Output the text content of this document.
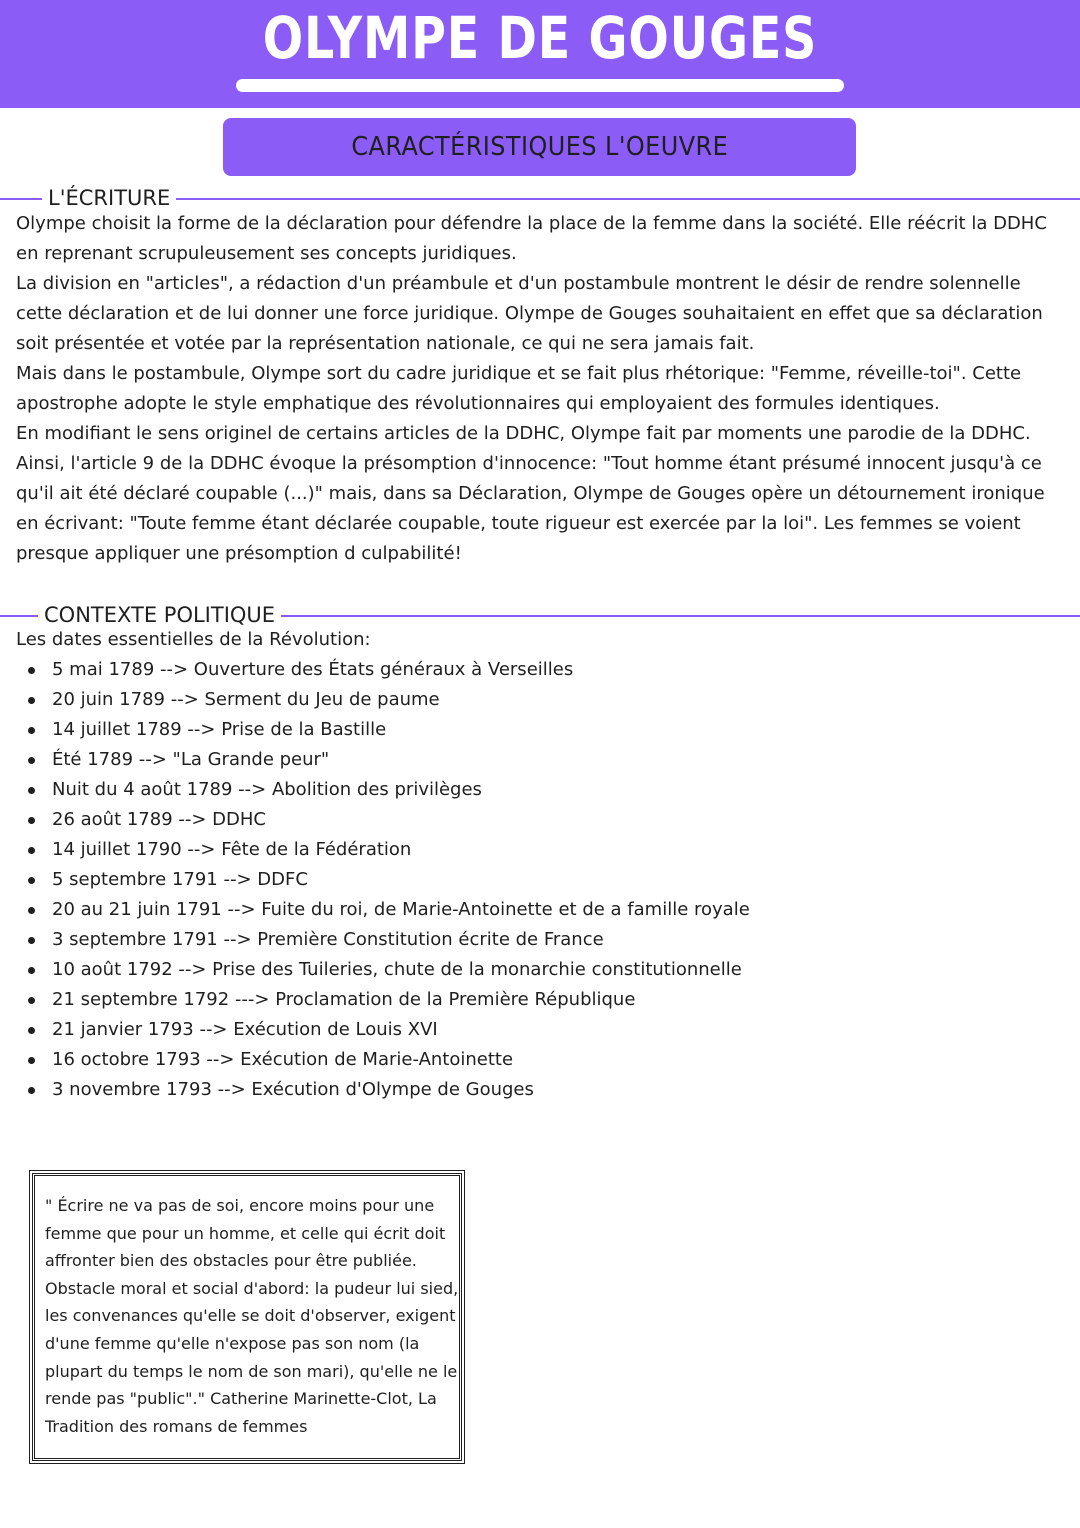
OLYMPE DE GOUGES
CARACTÉRISTIQUES L'OEUVRE
L'ÉCRITURE

Olympe choisit la forme de la déclaration pour défendre la place de la femme dans la société. Elle réécrit la DDHC en reprenant scrupuleusement ses concepts juridiques.

La division en "articles", a rédaction d'un préambule et d'un postambule montrent le désir de rendre solennelle cette déclaration et de lui donner une force juridique. Olympe de Gouges souhaitaient en effet que sa déclaration soit présentée et votée par la représentation nationale, ce qui ne sera jamais fait.

Mais dans le postambule, Olympe sort du cadre juridique et se fait plus rhétorique: "Femme, réveille-toi". Cette apostrophe adopte le style emphatique des révolutionnaires qui employaient des formules identiques.

En modifiant le sens originel de certains articles de la DDHC, Olympe fait par moments une parodie de la DDHC. Ainsi, l'article 9 de la DDHC évoque la présomption d'innocence: "Tout homme étant présumé innocent jusqu'à ce qu'il ait été déclaré coupable (...)" mais, dans sa Déclaration, Olympe de Gouges opère un détournement ironique en écrivant: "Toute femme étant déclarée coupable, toute rigueur est exercée par la loi". Les femmes se voient presque appliquer une présomption d culpabilité!

CONTEXTE POLITIQUE
Les dates essentielles de la Révolution:
5 mai 1789 --> Ouverture des États généraux à Verseilles
20 juin 1789 --> Serment du Jeu de paume
14 juillet 1789 --> Prise de la Bastille
Été 1789 --> "La Grande peur"
Nuit du 4 août 1789 --> Abolition des privilèges
26 août 1789 --> DDHC
14 juillet 1790 --> Fête de la Fédération
5 septembre 1791 --> DDFC
20 au 21 juin 1791 --> Fuite du roi, de Marie-Antoinette et de a famille royale
3 septembre 1791 --> Première Constitution écrite de France
10 août 1792 --> Prise des Tuileries, chute de la monarchie constitutionnelle
21 septembre 1792 ---> Proclamation de la Première République
21 janvier 1793 --> Exécution de Louis XVI
16 octobre 1793 --> Exécution de Marie-Antoinette
3 novembre 1793 --> Exécution d'Olympe de Gouges

" Écrire ne va pas de soi, encore moins pour une femme que pour un homme, et celle qui écrit doit affronter bien des obstacles pour être publiée. Obstacle moral et social d'abord: la pudeur lui sied, les convenances qu'elle se doit d'observer, exigent d'une femme qu'elle n'expose pas son nom (la plupart du temps le nom de son mari), qu'elle ne le rende pas "public"." Catherine Marinette-Clot, La Tradition des romans de femmes
